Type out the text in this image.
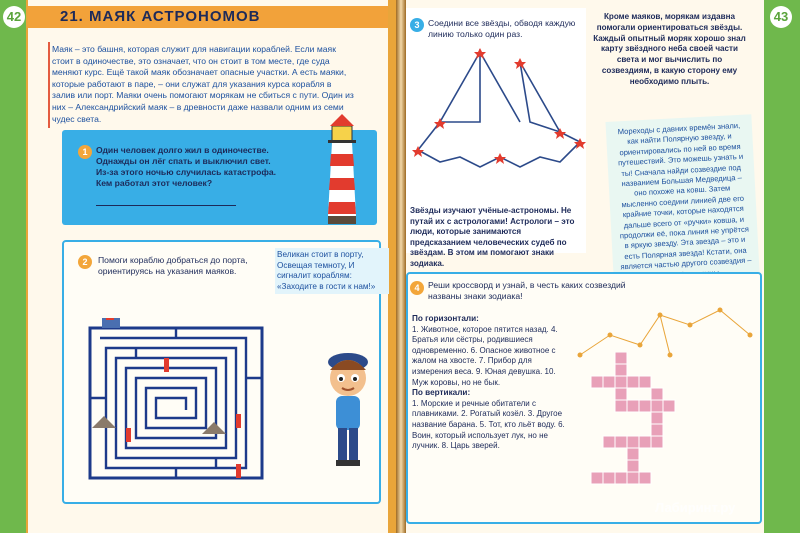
42	21. МАЯК АСТРОНОМОВ
Маяк – это башня, которая служит для навигации кораблей. Если маяк стоит в одиночестве, это означает, что он стоит в том месте, где суда меняют курс. Ещё такой маяк обозначает опасные участки. А есть маяки, которые работают в паре, – они служат для указания курса корабля в залив или порт. Маяки очень помогают морякам не сбиться с пути. Один из них – Александрийский маяк – в древности даже назвали одним из семи чудес света.
1 Один человек долго жил в одиночестве. Однажды он лёг спать и выключил свет. Из-за этого ночью случилась катастрофа. Кем работал этот человек?
2	Помоги кораблю добраться до порта, ориентируясь на указания маяков.
Великан стоит в порту, Освещая темноту, И сигналит кораблям: «Заходите в гости к нам!»
43
3 Соедини все звёзды, обводя каждую линию только один раз.
Звёзды изучают учёные-астрономы. Не путай их с астрологами! Астрологи – это люди, которые занимаются предсказанием человеческих судеб по звёздам. В этом им помогают знаки зодиака.
Кроме маяков, морякам издавна помогали ориентироваться звёзды. Каждый опытный моряк хорошо знал карту звёздного неба своей части света и мог вычислить по созвездиям, в какую сторону ему необходимо плыть.
Мореходы с давних времён знали, как найти Полярную звезду, и ориентировались по ней во время путешествий. Это можешь узнать и ты! Сначала найди созвездие под названием Большая Медведица – оно похоже на ковш. Затем мысленно соедини линией две его крайние точки, которые находятся дальше всего от «ручки» ковша, и продолжи её, пока линия не упрётся в яркую звезду. Эта звезда – это и есть Полярная звезда! Кстати, она является частью другого созвездия –
4 Реши кроссворд и узнай, в честь каких созвездий названы знаки зодиака!
По горизонтали:
1. Животное, которое пятится назад. 4. Братья или сёстры, родившиеся одновременно. 6. Опасное животное с жалом на хвосте. 7. Прибор для измерения веса. 9. Юная девушка. 10. Муж коровы, но не бык.
По вертикали:
1. Морские и речные обитатели с плавниками. 2. Рогатый козёл. 3. Другое название барана. 5. Тот, кто льёт воду. 6. Воин, который использует лук, но не лучник. 8. Царь зверей.
Лабиринт.ру
